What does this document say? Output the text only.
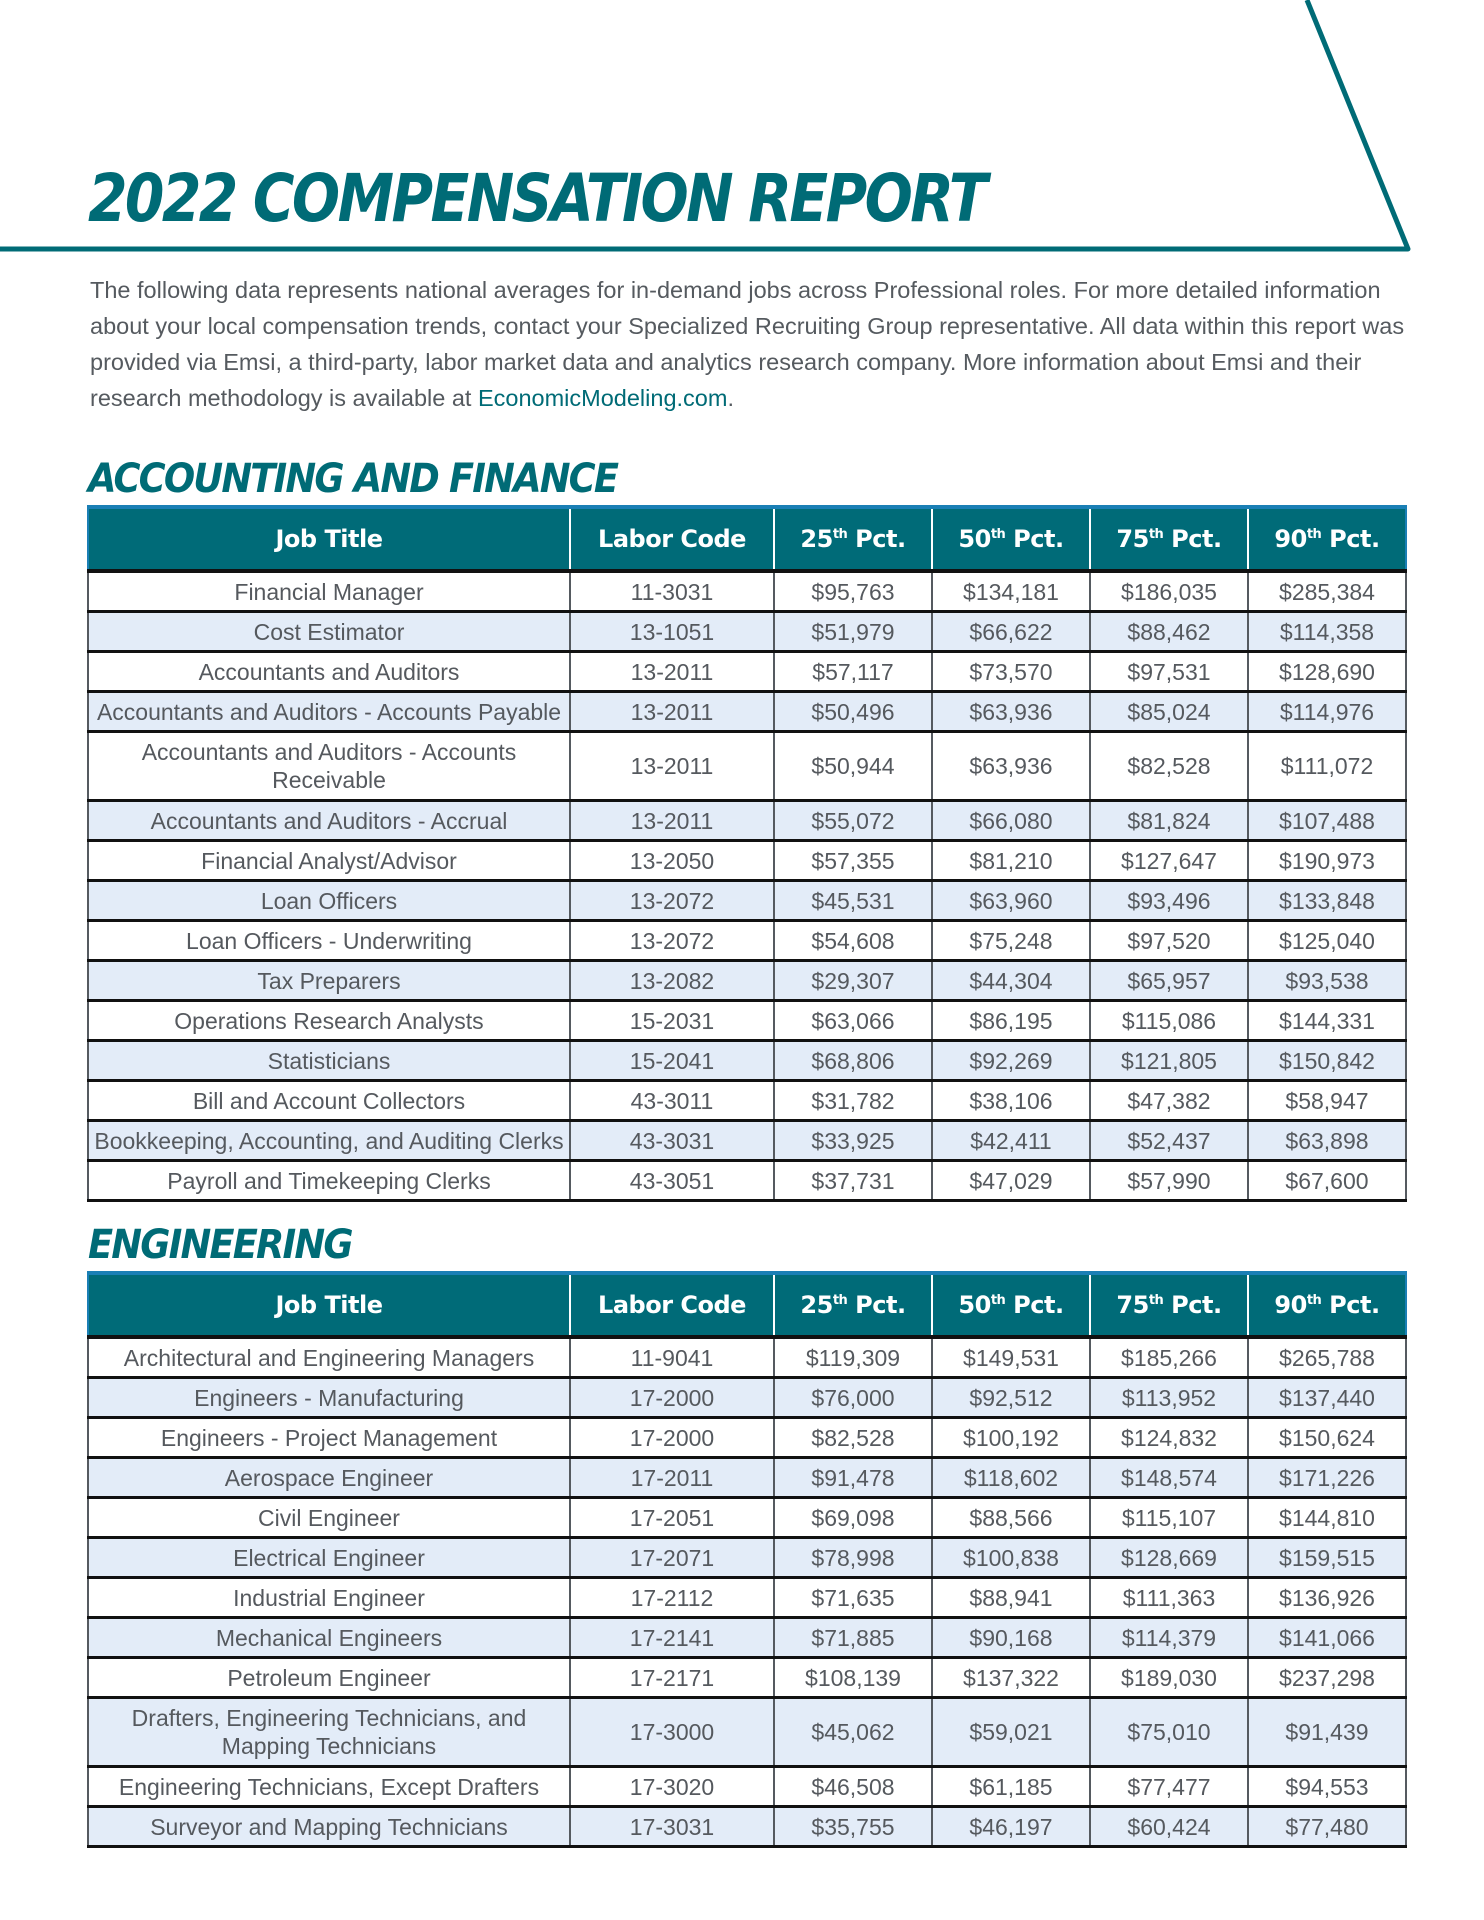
2022 COMPENSATION REPORT

The following data represents national averages for in-demand jobs across Professional roles. For more detailed information about your local compensation trends, contact your Specialized Recruiting Group representative. All data within this report was provided via Emsi, a third-party, labor market data and analytics research company. More information about Emsi and their research methodology is available at EconomicModeling.com.

ACCOUNTING AND FINANCE
Job Title	Labor Code	25th Pct.	50th Pct.	75th Pct.	90th Pct.
Financial Manager	11-3031	$95,763	$134,181	$186,035	$285,384
Cost Estimator	13-1051	$51,979	$66,622	$88,462	$114,358
Accountants and Auditors	13-2011	$57,117	$73,570	$97,531	$128,690
Accountants and Auditors - Accounts Payable	13-2011	$50,496	$63,936	$85,024	$114,976
Accountants and Auditors - Accounts Receivable	13-2011	$50,944	$63,936	$82,528	$111,072
Accountants and Auditors - Accrual	13-2011	$55,072	$66,080	$81,824	$107,488
Financial Analyst/Advisor	13-2050	$57,355	$81,210	$127,647	$190,973
Loan Officers	13-2072	$45,531	$63,960	$93,496	$133,848
Loan Officers - Underwriting	13-2072	$54,608	$75,248	$97,520	$125,040
Tax Preparers	13-2082	$29,307	$44,304	$65,957	$93,538
Operations Research Analysts	15-2031	$63,066	$86,195	$115,086	$144,331
Statisticians	15-2041	$68,806	$92,269	$121,805	$150,842
Bill and Account Collectors	43-3011	$31,782	$38,106	$47,382	$58,947
Bookkeeping, Accounting, and Auditing Clerks	43-3031	$33,925	$42,411	$52,437	$63,898
Payroll and Timekeeping Clerks	43-3051	$37,731	$47,029	$57,990	$67,600
ENGINEERING
Job Title	Labor Code	25th Pct.	50th Pct.	75th Pct.	90th Pct.
Architectural and Engineering Managers	11-9041	$119,309	$149,531	$185,266	$265,788
Engineers - Manufacturing	17-2000	$76,000	$92,512	$113,952	$137,440
Engineers - Project Management	17-2000	$82,528	$100,192	$124,832	$150,624
Aerospace Engineer	17-2011	$91,478	$118,602	$148,574	$171,226
Civil Engineer	17-2051	$69,098	$88,566	$115,107	$144,810
Electrical Engineer	17-2071	$78,998	$100,838	$128,669	$159,515
Industrial Engineer	17-2112	$71,635	$88,941	$111,363	$136,926
Mechanical Engineers	17-2141	$71,885	$90,168	$114,379	$141,066
Petroleum Engineer	17-2171	$108,139	$137,322	$189,030	$237,298
Drafters, Engineering Technicians, and Mapping Technicians	17-3000	$45,062	$59,021	$75,010	$91,439
Engineering Technicians, Except Drafters	17-3020	$46,508	$61,185	$77,477	$94,553
Surveyor and Mapping Technicians	17-3031	$35,755	$46,197	$60,424	$77,480
